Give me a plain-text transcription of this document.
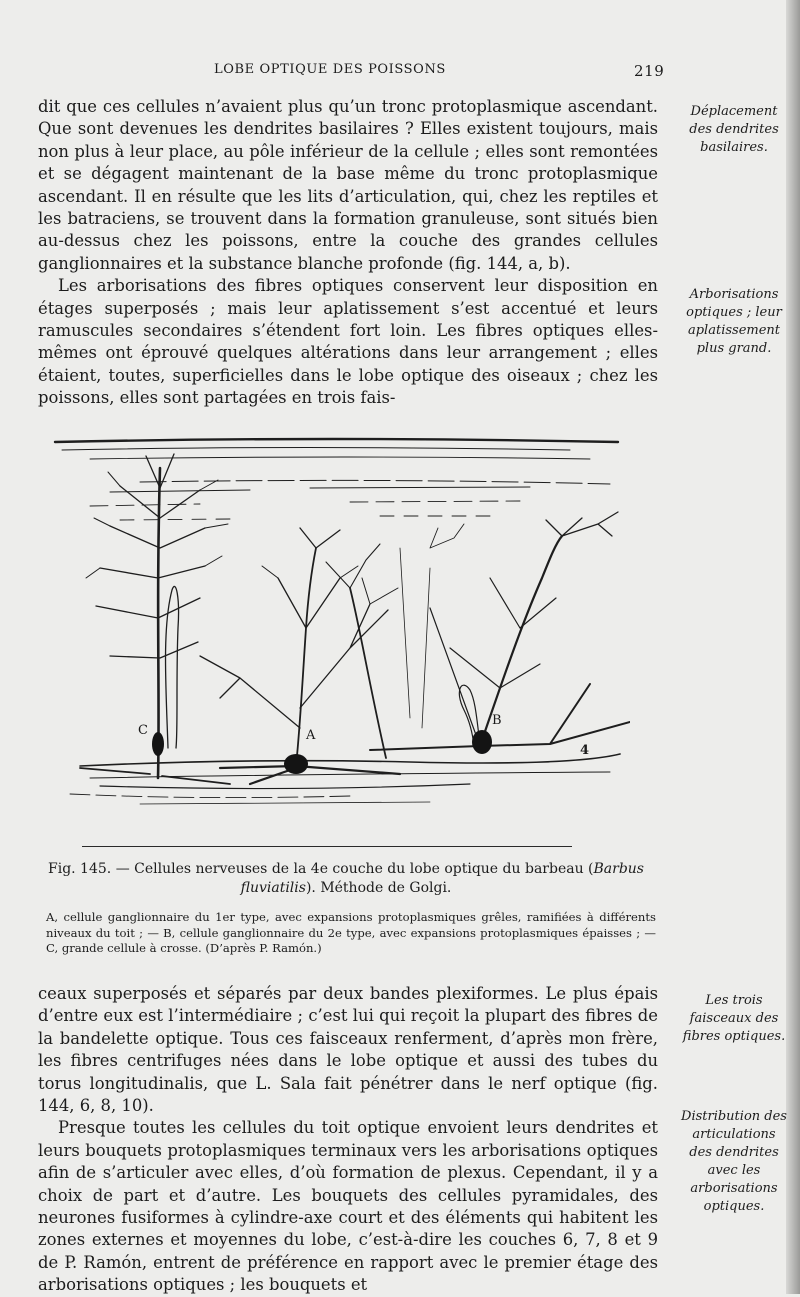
LOBE OPTIQUE DES POISSONS	219

dit que ces cellules n’avaient plus qu’un tronc protoplasmique ascendant. Que sont devenues les dendrites basilaires ? Elles existent toujours, mais non plus à leur place, au pôle inférieur de la cellule ; elles sont remontées et se dégagent maintenant de la base même du tronc protoplasmique ascendant. Il en résulte que les lits d’articulation, qui, chez les reptiles et les batraciens, se trouvent dans la formation granuleuse, sont situés bien au-dessus chez les poissons, entre la couche des grandes cellules ganglionnaires et la substance blanche profonde (fig. 144, a, b).

Les arborisations des fibres optiques conservent leur disposition en étages superposés ; mais leur aplatissement s’est accentué et leurs ramuscules secondaires s’étendent fort loin. Les fibres optiques elles-mêmes ont éprouvé quelques altérations dans leur arrangement ; elles étaient, toutes, superficielles dans le lobe optique des oiseaux ; chez les poissons, elles sont partagées en trois fais-

Déplacement des dendrites basilaires.
Arborisations optiques ; leur aplatissement plus grand.
C	A
B
4
Fig. 145. — Cellules nerveuses de la 4e couche du lobe optique du barbeau (Barbus fluviatilis). Méthode de Golgi.
A, cellule ganglionnaire du 1er type, avec expansions protoplasmiques grêles, ramifiées à différents niveaux du toit ; — B, cellule ganglionnaire du 2e type, avec expansions protoplasmiques épaisses ; — C, grande cellule à crosse. (D’après P. Ramón.)

ceaux superposés et séparés par deux bandes plexiformes. Le plus épais d’entre eux est l’intermédiaire ; c’est lui qui reçoit la plupart des fibres de la bandelette optique. Tous ces faisceaux renferment, d’après mon frère, les fibres centrifuges nées dans le lobe optique et aussi des tubes du torus longitudinalis, que L. Sala fait pénétrer dans le nerf optique (fig. 144, 6, 8, 10).

Presque toutes les cellules du toit optique envoient leurs dendrites et leurs bouquets protoplasmiques terminaux vers les arborisations optiques afin de s’articuler avec elles, d’où formation de plexus. Cependant, il y a choix de part et d’autre. Les bouquets des cellules pyramidales, des neurones fusiformes à cylindre-axe court et des éléments qui habitent les zones externes et moyennes du lobe, c’est-à-dire les couches 6, 7, 8 et 9 de P. Ramón, entrent de préférence en rapport avec le premier étage des arborisations optiques ; les bouquets et

Les trois faisceaux des fibres optiques.
Distribution des articulations des dendrites avec les arborisations optiques.
